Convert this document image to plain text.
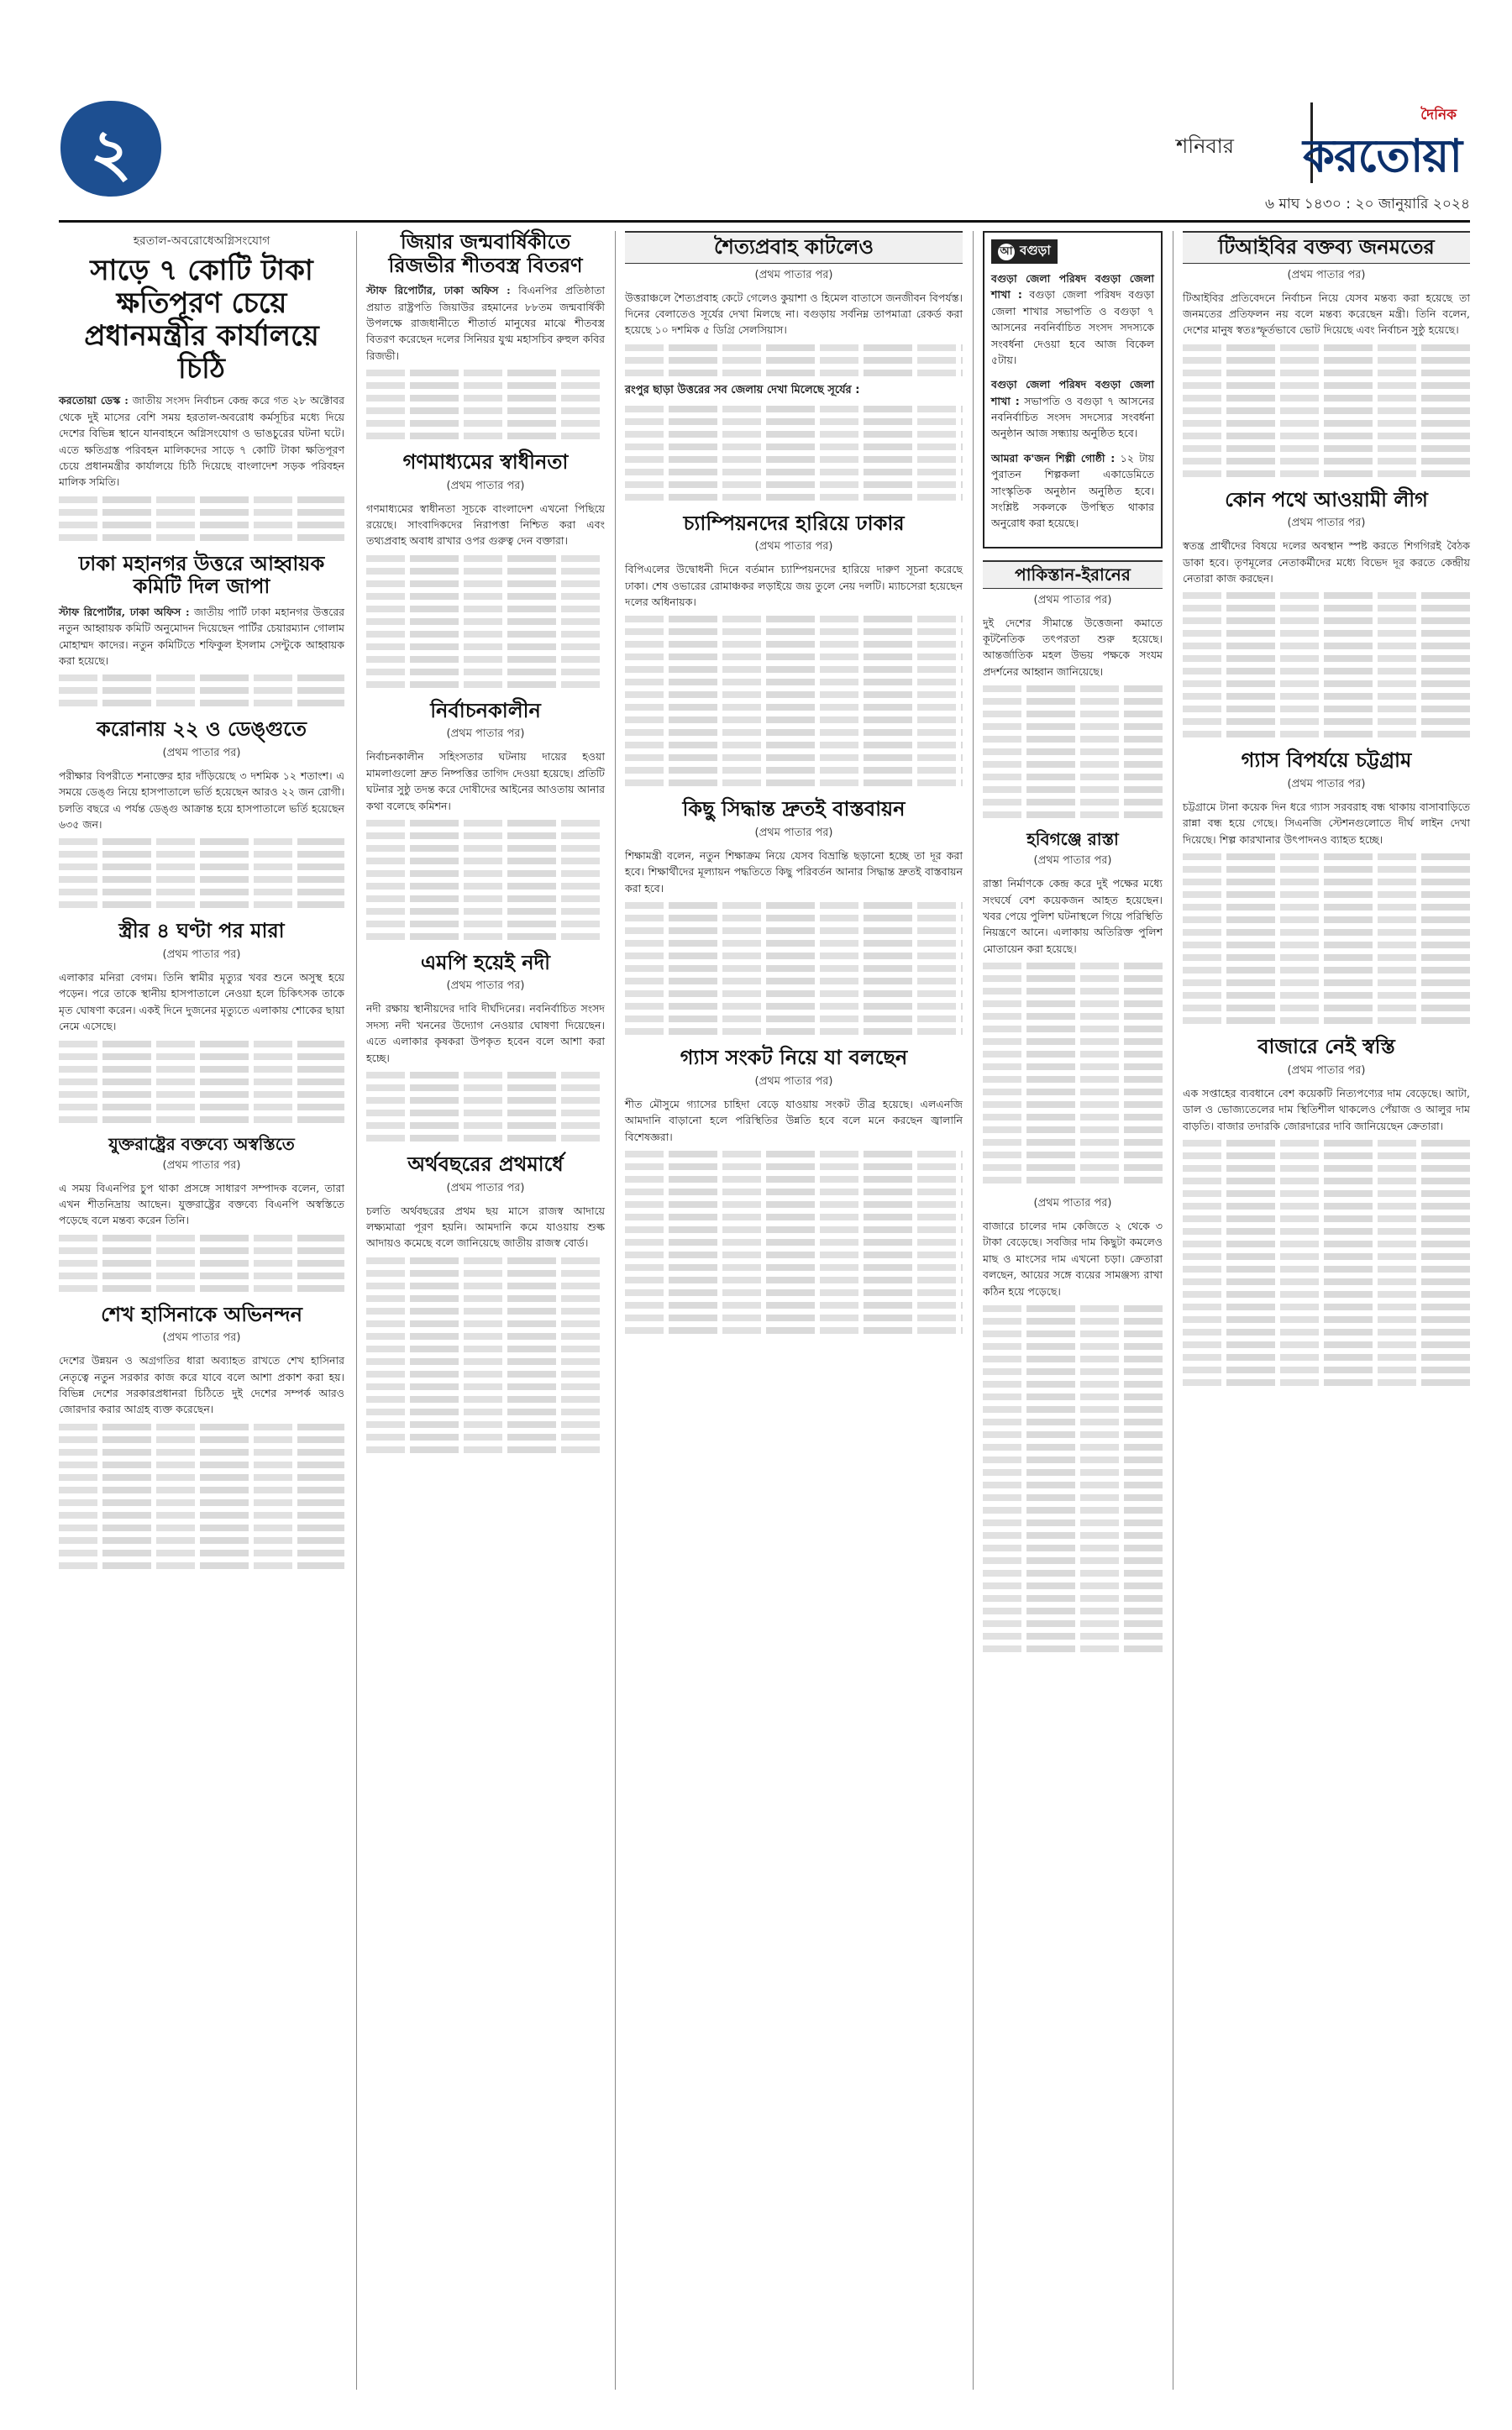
২	শনিবার
দৈনিক
করতোয়া
৬ মাঘ ১৪৩০ : ২০ জানুয়ারি ২০২৪
হরতাল-অবরোধেঅগ্নিসংযোগ
সাড়ে ৭ কোটি টাকা ক্ষতিপূরণ চেয়ে প্রধানমন্ত্রীর কার্যালয়ে চিঠি

করতোয়া ডেস্ক : জাতীয় সংসদ নির্বাচন কেন্দ্র করে গত ২৮ অক্টোবর থেকে দুই মাসের বেশি সময় হরতাল-অবরোধ কর্মসূচির মধ্যে দিয়ে দেশের বিভিন্ন স্থানে যানবাহনে অগ্নিসংযোগ ও ভাঙচুরের ঘটনা ঘটে। এতে ক্ষতিগ্রস্ত পরিবহন মালিকদের সাড়ে ৭ কোটি টাকা ক্ষতিপূরণ চেয়ে প্রধানমন্ত্রীর কার্যালয়ে চিঠি দিয়েছে বাংলাদেশ সড়ক পরিবহন মালিক সমিতি।

ঢাকা মহানগর উত্তরে আহ্বায়ক কমিটি দিল জাপা

স্টাফ রিপোর্টার, ঢাকা অফিস : জাতীয় পার্টি ঢাকা মহানগর উত্তরের নতুন আহ্বায়ক কমিটি অনুমোদন দিয়েছেন পার্টির চেয়ারম্যান গোলাম মোহাম্মদ কাদের। নতুন কমিটিতে শফিকুল ইসলাম সেন্টুকে আহ্বায়ক করা হয়েছে।

করোনায় ২২ ও ডেঙ্গুতে
(প্রথম পাতার পর)
পরীক্ষার বিপরীতে শনাক্তের হার দাঁড়িয়েছে ৩ দশমিক ১২ শতাংশ। এ সময়ে ডেঙ্গু নিয়ে হাসপাতালে ভর্তি হয়েছেন আরও ২২ জন রোগী। চলতি বছরে এ পর্যন্ত ডেঙ্গু আক্রান্ত হয়ে হাসপাতালে ভর্তি হয়েছেন ৬৩৫ জন।
স্ত্রীর ৪ ঘণ্টা পর মারা
(প্রথম পাতার পর)
এলাকার মনিরা বেগম। তিনি স্বামীর মৃত্যুর খবর শুনে অসুস্থ হয়ে পড়েন। পরে তাকে স্থানীয় হাসপাতালে নেওয়া হলে চিকিৎসক তাকে মৃত ঘোষণা করেন। একই দিনে দুজনের মৃত্যুতে এলাকায় শোকের ছায়া নেমে এসেছে।
যুক্তরাষ্ট্রের বক্তব্যে অস্বস্তিতে
(প্রথম পাতার পর)
এ সময় বিএনপির চুপ থাকা প্রসঙ্গে সাধারণ সম্পাদক বলেন, তারা এখন শীতনিদ্রায় আছেন। যুক্তরাষ্ট্রের বক্তব্যে বিএনপি অস্বস্তিতে পড়েছে বলে মন্তব্য করেন তিনি।
শেখ হাসিনাকে অভিনন্দন
(প্রথম পাতার পর)
দেশের উন্নয়ন ও অগ্রগতির ধারা অব্যাহত রাখতে শেখ হাসিনার নেতৃত্বে নতুন সরকার কাজ করে যাবে বলে আশা প্রকাশ করা হয়। বিভিন্ন দেশের সরকারপ্রধানরা চিঠিতে দুই দেশের সম্পর্ক আরও জোরদার করার আগ্রহ ব্যক্ত করেছেন।
জিয়ার জন্মবার্ষিকীতে রিজভীর শীতবস্ত্র বিতরণ

স্টাফ রিপোর্টার, ঢাকা অফিস : বিএনপির প্রতিষ্ঠাতা প্রয়াত রাষ্ট্রপতি জিয়াউর রহমানের ৮৮তম জন্মবার্ষিকী উপলক্ষে রাজধানীতে শীতার্ত মানুষের মাঝে শীতবস্ত্র বিতরণ করেছেন দলের সিনিয়র যুগ্ম মহাসচিব রুহুল কবির রিজভী।

গণমাধ্যমের স্বাধীনতা
(প্রথম পাতার পর)
গণমাধ্যমের স্বাধীনতা সূচকে বাংলাদেশ এখনো পিছিয়ে রয়েছে। সাংবাদিকদের নিরাপত্তা নিশ্চিত করা এবং তথ্যপ্রবাহ অবাধ রাখার ওপর গুরুত্ব দেন বক্তারা।
নির্বাচনকালীন
(প্রথম পাতার পর)
নির্বাচনকালীন সহিংসতার ঘটনায় দায়ের হওয়া মামলাগুলো দ্রুত নিষ্পত্তির তাগিদ দেওয়া হয়েছে। প্রতিটি ঘটনার সুষ্ঠু তদন্ত করে দোষীদের আইনের আওতায় আনার কথা বলেছে কমিশন।
এমপি হয়েই নদী
(প্রথম পাতার পর)
নদী রক্ষায় স্থানীয়দের দাবি দীর্ঘদিনের। নবনির্বাচিত সংসদ সদস্য নদী খননের উদ্যোগ নেওয়ার ঘোষণা দিয়েছেন। এতে এলাকার কৃষকরা উপকৃত হবেন বলে আশা করা হচ্ছে।
অর্থবছরের প্রথমার্ধে
(প্রথম পাতার পর)
চলতি অর্থবছরের প্রথম ছয় মাসে রাজস্ব আদায়ে লক্ষ্যমাত্রা পূরণ হয়নি। আমদানি কমে যাওয়ায় শুল্ক আদায়ও কমেছে বলে জানিয়েছে জাতীয় রাজস্ব বোর্ড।
শৈত্যপ্রবাহ কাটলেও
(প্রথম পাতার পর)
উত্তরাঞ্চলে শৈত্যপ্রবাহ কেটে গেলেও কুয়াশা ও হিমেল বাতাসে জনজীবন বিপর্যস্ত। দিনের বেলাতেও সূর্যের দেখা মিলছে না। বগুড়ায় সর্বনিম্ন তাপমাত্রা রেকর্ড করা হয়েছে ১০ দশমিক ৫ ডিগ্রি সেলসিয়াস।
রংপুর ছাড়া উত্তরের সব জেলায় দেখা মিলেছে সূর্যের :
চ্যাম্পিয়নদের হারিয়ে ঢাকার
(প্রথম পাতার পর)
বিপিএলের উদ্বোধনী দিনে বর্তমান চ্যাম্পিয়নদের হারিয়ে দারুণ সূচনা করেছে ঢাকা। শেষ ওভারের রোমাঞ্চকর লড়াইয়ে জয় তুলে নেয় দলটি। ম্যাচসেরা হয়েছেন দলের অধিনায়ক।
কিছু সিদ্ধান্ত দ্রুতই বাস্তবায়ন
(প্রথম পাতার পর)
শিক্ষামন্ত্রী বলেন, নতুন শিক্ষাক্রম নিয়ে যেসব বিভ্রান্তি ছড়ানো হচ্ছে তা দূর করা হবে। শিক্ষার্থীদের মূল্যায়ন পদ্ধতিতে কিছু পরিবর্তন আনার সিদ্ধান্ত দ্রুতই বাস্তবায়ন করা হবে।
গ্যাস সংকট নিয়ে যা বলছেন
(প্রথম পাতার পর)
শীত মৌসুমে গ্যাসের চাহিদা বেড়ে যাওয়ায় সংকট তীব্র হয়েছে। এলএনজি আমদানি বাড়ানো হলে পরিস্থিতির উন্নতি হবে বলে মনে করছেন জ্বালানি বিশেষজ্ঞরা।
আ বগুড়া
বগুড়া জেলা পরিষদ বগুড়া জেলা শাখা : বগুড়া জেলা পরিষদ বগুড়া জেলা শাখার সভাপতি ও বগুড়া ৭ আসনের নবনির্বাচিত সংসদ সদস্যকে সংবর্ধনা দেওয়া হবে আজ বিকেল ৫টায়।
বগুড়া জেলা পরিষদ বগুড়া জেলা শাখা : সভাপতি ও বগুড়া ৭ আসনের নবনির্বাচিত সংসদ সদস্যের সংবর্ধনা অনুষ্ঠান আজ সন্ধ্যায় অনুষ্ঠিত হবে।
আমরা ক'জন শিল্পী গোষ্ঠী : ১২ টায় পুরাতন শিল্পকলা একাডেমিতে সাংস্কৃতিক অনুষ্ঠান অনুষ্ঠিত হবে। সংশ্লিষ্ট সকলকে উপস্থিত থাকার অনুরোধ করা হয়েছে।
পাকিস্তান-ইরানের
(প্রথম পাতার পর)
দুই দেশের সীমান্তে উত্তেজনা কমাতে কূটনৈতিক তৎপরতা শুরু হয়েছে। আন্তর্জাতিক মহল উভয় পক্ষকে সংযম প্রদর্শনের আহ্বান জানিয়েছে।
হবিগঞ্জে রাস্তা
(প্রথম পাতার পর)
রাস্তা নির্মাণকে কেন্দ্র করে দুই পক্ষের মধ্যে সংঘর্ষে বেশ কয়েকজন আহত হয়েছেন। খবর পেয়ে পুলিশ ঘটনাস্থলে গিয়ে পরিস্থিতি নিয়ন্ত্রণে আনে। এলাকায় অতিরিক্ত পুলিশ মোতায়েন করা হয়েছে।
(প্রথম পাতার পর)
বাজারে চালের দাম কেজিতে ২ থেকে ৩ টাকা বেড়েছে। সবজির দাম কিছুটা কমলেও মাছ ও মাংসের দাম এখনো চড়া। ক্রেতারা বলছেন, আয়ের সঙ্গে ব্যয়ের সামঞ্জস্য রাখা কঠিন হয়ে পড়েছে।
টিআইবির বক্তব্য জনমতের
(প্রথম পাতার পর)
টিআইবির প্রতিবেদনে নির্বাচন নিয়ে যেসব মন্তব্য করা হয়েছে তা জনমতের প্রতিফলন নয় বলে মন্তব্য করেছেন মন্ত্রী। তিনি বলেন, দেশের মানুষ স্বতঃস্ফূর্তভাবে ভোট দিয়েছে এবং নির্বাচন সুষ্ঠু হয়েছে।
কোন পথে আওয়ামী লীগ
(প্রথম পাতার পর)
স্বতন্ত্র প্রার্থীদের বিষয়ে দলের অবস্থান স্পষ্ট করতে শিগগিরই বৈঠক ডাকা হবে। তৃণমূলের নেতাকর্মীদের মধ্যে বিভেদ দূর করতে কেন্দ্রীয় নেতারা কাজ করছেন।
গ্যাস বিপর্যয়ে চট্টগ্রাম
(প্রথম পাতার পর)
চট্টগ্রামে টানা কয়েক দিন ধরে গ্যাস সরবরাহ বন্ধ থাকায় বাসাবাড়িতে রান্না বন্ধ হয়ে গেছে। সিএনজি স্টেশনগুলোতে দীর্ঘ লাইন দেখা দিয়েছে। শিল্প কারখানার উৎপাদনও ব্যাহত হচ্ছে।
বাজারে নেই স্বস্তি
(প্রথম পাতার পর)
এক সপ্তাহের ব্যবধানে বেশ কয়েকটি নিত্যপণ্যের দাম বেড়েছে। আটা, ডাল ও ভোজ্যতেলের দাম স্থিতিশীল থাকলেও পেঁয়াজ ও আলুর দাম বাড়তি। বাজার তদারকি জোরদারের দাবি জানিয়েছেন ক্রেতারা।
